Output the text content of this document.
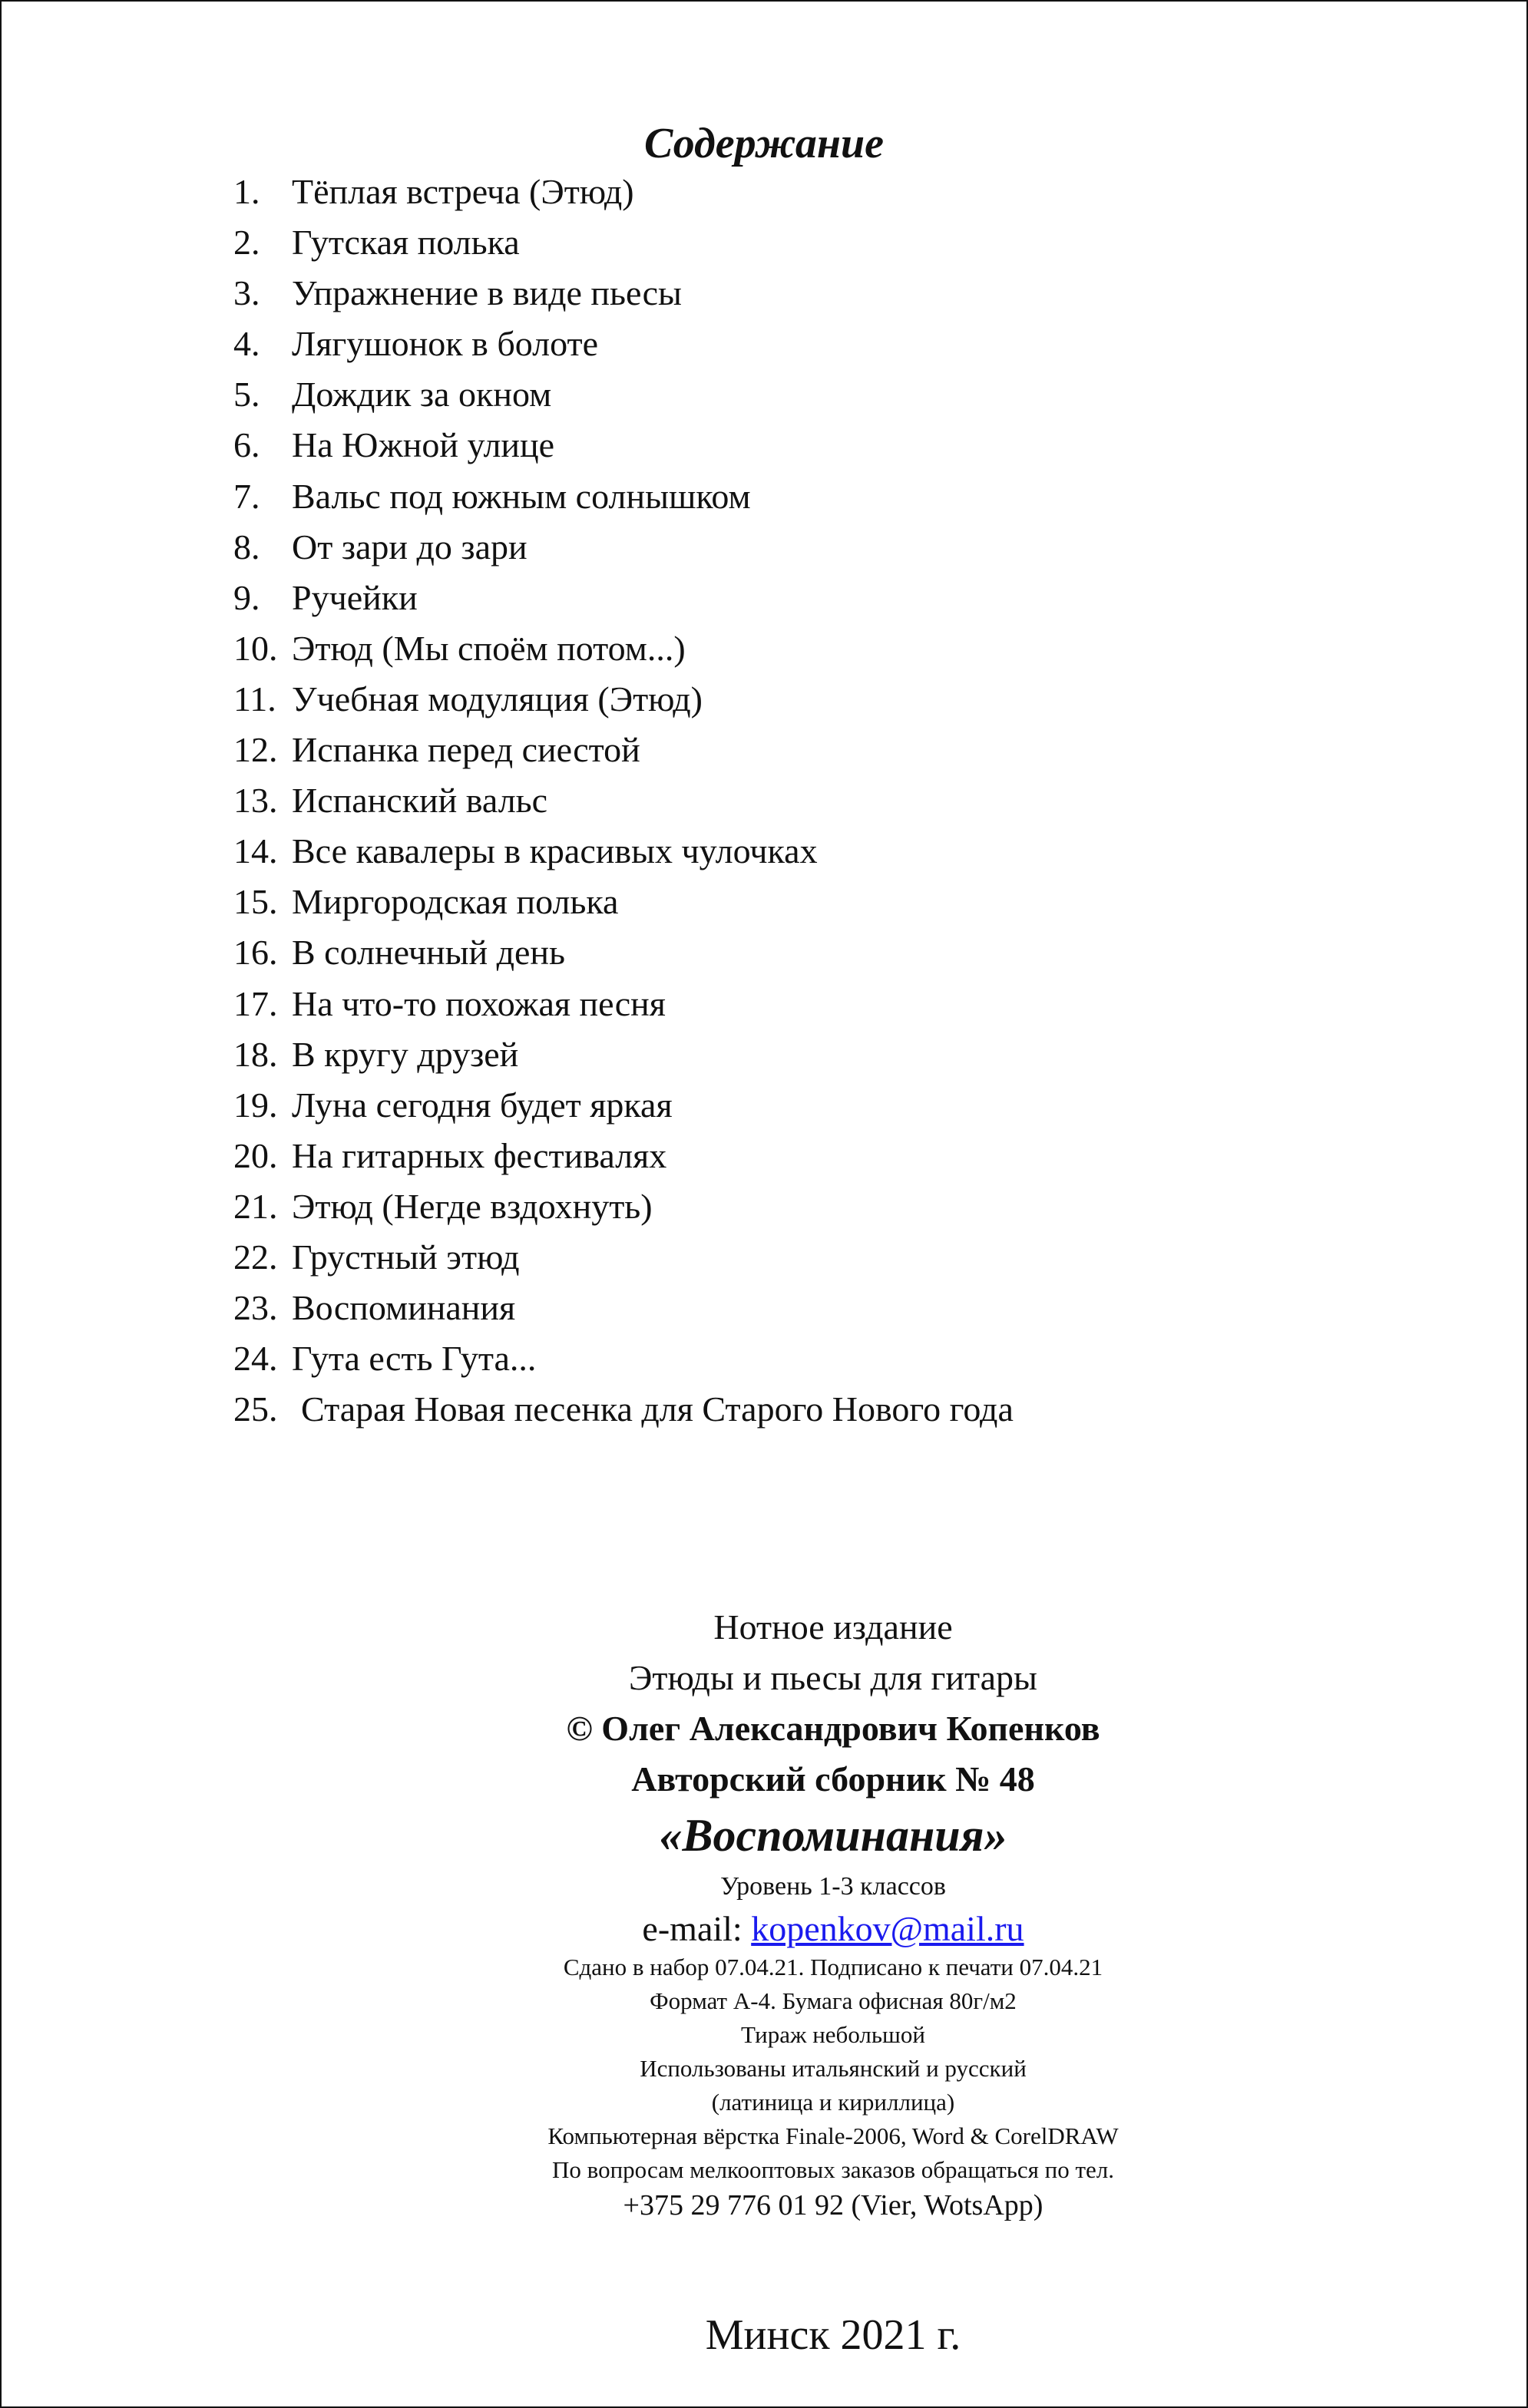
Содержание
1. Тёплая встреча (Этюд)
2. Гутская полька
3. Упражнение в виде пьесы
4. Лягушонок в болоте
5. Дождик за окном
6. На Южной улице
7. Вальс под южным солнышком
8. От зари до зари
9. Ручейки
10. Этюд (Мы споём потом...)
11. Учебная модуляция (Этюд)
12. Испанка перед сиестой
13. Испанский вальс
14. Все кавалеры в красивых чулочках
15. Миргородская полька
16. В солнечный день
17. На что-то похожая песня
18. В кругу друзей
19. Луна сегодня будет яркая
20. На гитарных фестивалях
21. Этюд (Негде вздохнуть)
22. Грустный этюд
23. Воспоминания
24. Гута есть Гута...
25. Старая Новая песенка для Старого Нового года
Нотное издание
Этюды и пьесы для гитары
© Олег Александрович Копенков
Авторский сборник № 48
«Воспоминания»
Уровень 1-3 классов
e-mail: kopenkov@mail.ru
Сдано в набор 07.04.21. Подписано к печати 07.04.21
Формат А-4. Бумага офисная 80г/м2
Тираж небольшой
Использованы итальянский и русский
(латиница и кириллица)
Компьютерная вёрстка Finale-2006, Word & CorelDRAW
По вопросам мелкооптовых заказов обращаться по тел.
+375 29 776 01 92 (Vier, WotsApp)
Минск 2021 г.
